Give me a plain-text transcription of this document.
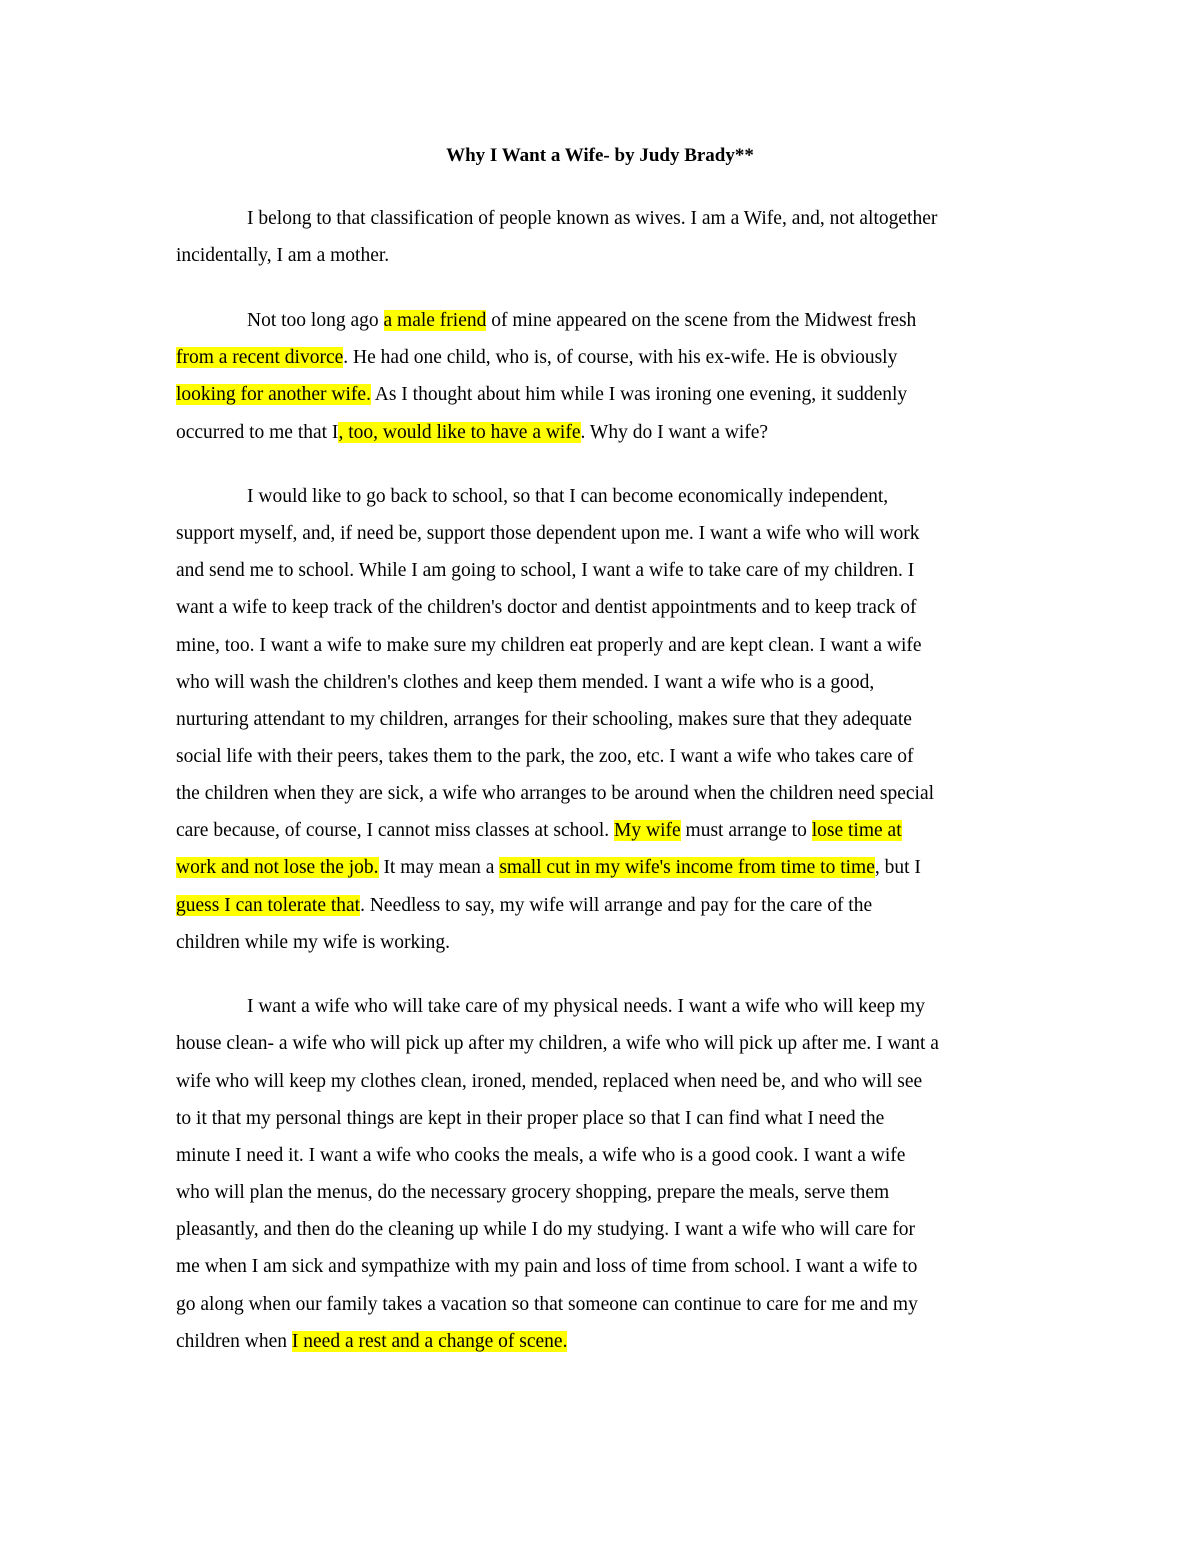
Why I Want a Wife- by Judy Brady**

I belong to that classification of people known as wives. I am a Wife, and, not altogether

incidentally, I am a mother.

Not too long ago a male friend of mine appeared on the scene from the Midwest fresh

from a recent divorce. He had one child, who is, of course, with his ex-wife. He is obviously

looking for another wife. As I thought about him while I was ironing one evening, it suddenly

occurred to me that I, too, would like to have a wife. Why do I want a wife?

I would like to go back to school, so that I can become economically independent,

support myself, and, if need be, support those dependent upon me. I want a wife who will work

and send me to school. While I am going to school, I want a wife to take care of my children. I

want a wife to keep track of the children's doctor and dentist appointments and to keep track of

mine, too. I want a wife to make sure my children eat properly and are kept clean. I want a wife

who will wash the children's clothes and keep them mended. I want a wife who is a good,

nurturing attendant to my children, arranges for their schooling, makes sure that they adequate

social life with their peers, takes them to the park, the zoo, etc. I want a wife who takes care of

the children when they are sick, a wife who arranges to be around when the children need special

care because, of course, I cannot miss classes at school. My wife must arrange to lose time at

work and not lose the job. It may mean a small cut in my wife's income from time to time, but I

guess I can tolerate that. Needless to say, my wife will arrange and pay for the care of the

children while my wife is working.

I want a wife who will take care of my physical needs. I want a wife who will keep my

house clean- a wife who will pick up after my children, a wife who will pick up after me. I want a

wife who will keep my clothes clean, ironed, mended, replaced when need be, and who will see

to it that my personal things are kept in their proper place so that I can find what I need the

minute I need it. I want a wife who cooks the meals, a wife who is a good cook. I want a wife

who will plan the menus, do the necessary grocery shopping, prepare the meals, serve them

pleasantly, and then do the cleaning up while I do my studying. I want a wife who will care for

me when I am sick and sympathize with my pain and loss of time from school. I want a wife to

go along when our family takes a vacation so that someone can continue to care for me and my

children when I need a rest and a change of scene.
